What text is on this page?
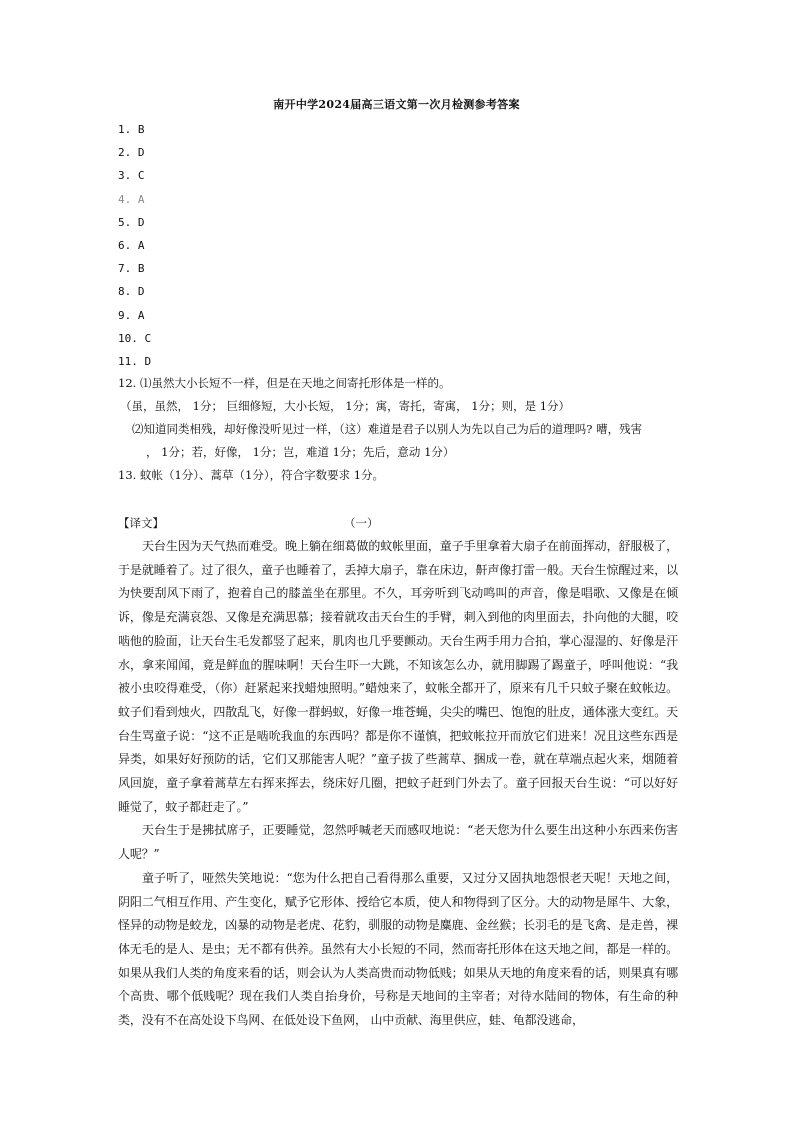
南开中学2024届高三语文第一次月检测参考答案
1. B
2. D
3. C
4. A
5. D
6. A
7. B
8. D
9. A
10. C
11. D

12. ⑴虽然大小长短不一样，但是在天地之间寄托形体是一样的。

（虽，虽然， 1分； 巨细修短，大小长短， 1分；寓，寄托，寄寓， 1分；则，是 1分）

⑵知道同类相残，却好像没听见过一样，（这）难道是君子以别人为先以自己为后的道理吗? 嘈，残害

， 1分；若，好像， 1分；岂，难道 1分；先后，意动 1分）

13. 蚊帐（1分）、蒿草（1分），符合字数要求 1分。

【译文】	（一）

天台生因为天气热而难受。晚上躺在细葛做的蚊帐里面，童子手里拿着大扇子在前面挥动，舒服极了，于是就睡着了。过了很久，童子也睡着了，丢掉大扇子，靠在床边，鼾声像打雷一般。天台生惊醒过来，以为快要刮风下雨了，抱着自己的膝盖坐在那里。不久，耳旁听到飞动鸣叫的声音，像是唱歌、又像是在倾诉，像是充满哀怨、又像是充满思慕；接着就攻击天台生的手臂，刺入到他的肉里面去，扑向他的大腿，咬啮他的脸面，让天台生毛发都竖了起来，肌肉也几乎要颤动。天台生两手用力合拍，掌心湿湿的、好像是汗水，拿来闻闻，竟是鲜血的腥味啊！天台生吓一大跳，不知该怎么办，就用脚踢了踢童子，呼叫他说：“我被小虫咬得难受，（你）赶紧起来找蜡烛照明。”蜡烛来了，蚊帐全都开了，原来有几千只蚊子聚在蚊帐边。蚊子们看到烛火，四散乱飞，好像一群蚂蚁，好像一堆苍蝇，尖尖的嘴巴、饱饱的肚皮，通体涨大变红。天台生骂童子说：“这不正是啮吮我血的东西吗？都是你不谨慎，把蚊帐拉开而放它们进来！况且这些东西是异类，如果好好预防的话，它们又那能害人呢？”童子拔了些蒿草、捆成一卷，就在草端点起火来，烟随着风回旋，童子拿着蒿草左右挥来挥去，绕床好几圈，把蚊子赶到门外去了。童子回报天台生说：“可以好好睡觉了，蚊子都赶走了。”

天台生于是拂拭席子，正要睡觉，忽然呼喊老天而感叹地说：“老天您为什么要生出这种小东西来伤害人呢？”

童子听了，哑然失笑地说：“您为什么把自己看得那么重要，又过分又固执地怨恨老天呢！天地之间，阴阳二气相互作用、产生变化，赋予它形体、授给它本质，使人和物得到了区分。大的动物是犀牛、大象，怪异的动物是蛟龙，凶暴的动物是老虎、花豹，驯服的动物是麋鹿、金丝猴；长羽毛的是飞禽、是走兽，裸体无毛的是人、是虫；无不都有供养。虽然有大小长短的不同，然而寄托形体在这天地之间，都是一样的。如果从我们人类的角度来看的话，则会认为人类高贵而动物低贱；如果从天地的角度来看的话，则果真有哪个高贵、哪个低贱呢？现在我们人类自抬身价，号称是天地间的主宰者；对待水陆间的物体，有生命的种类，没有不在高处设下鸟网、在低处设下鱼网， 山中贡献、海里供应，蛙、龟都没逃命，
